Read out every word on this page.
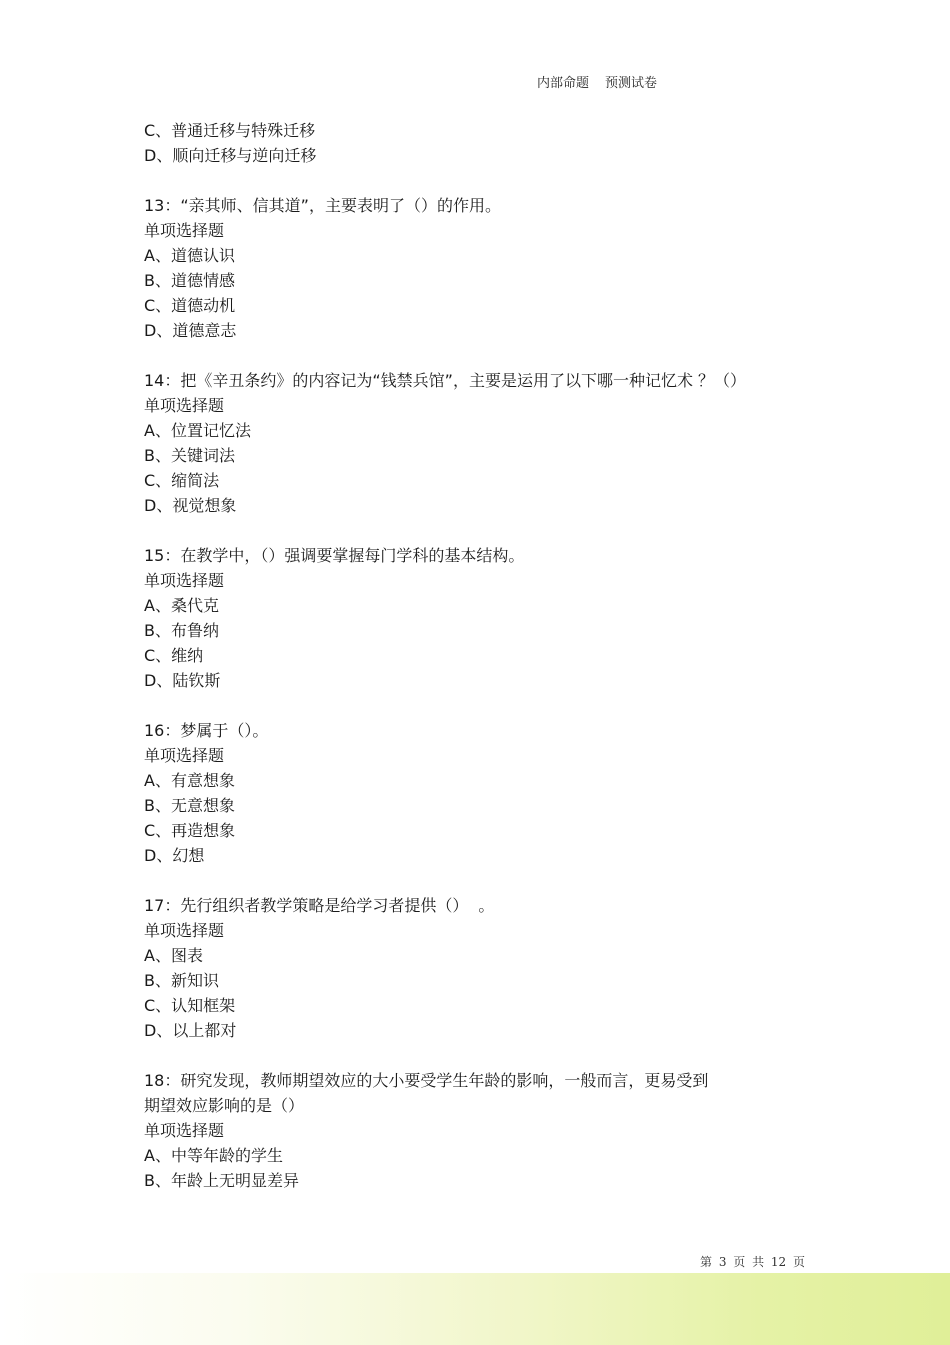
内部命题 预测试卷
C、普通迁移与特殊迁移
D、顺向迁移与逆向迁移
13：“亲其师、信其道”，主要表明了（）的作用。
单项选择题
A、道德认识
B、道德情感
C、道德动机
D、道德意志
14：把《辛丑条约》的内容记为“钱禁兵馆”，主要是运用了以下哪一种记忆术 ？（）
单项选择题
A、位置记忆法
B、关键词法
C、缩简法
D、视觉想象
15：在教学中，（）强调要掌握每门学科的基本结构。
单项选择题
A、桑代克
B、布鲁纳
C、维纳
D、陆钦斯
16：梦属于（）。
单项选择题
A、有意想象
B、无意想象
C、再造想象
D、幻想
17：先行组织者教学策略是给学习者提供（） 。
单项选择题
A、图表
B、新知识
C、认知框架
D、以上都对
18：研究发现，教师期望效应的大小要受学生年龄的影响，一般而言，更易受到
期望效应影响的是（）
单项选择题
A、中等年龄的学生
B、年龄上无明显差异
第 3 页 共 12 页
